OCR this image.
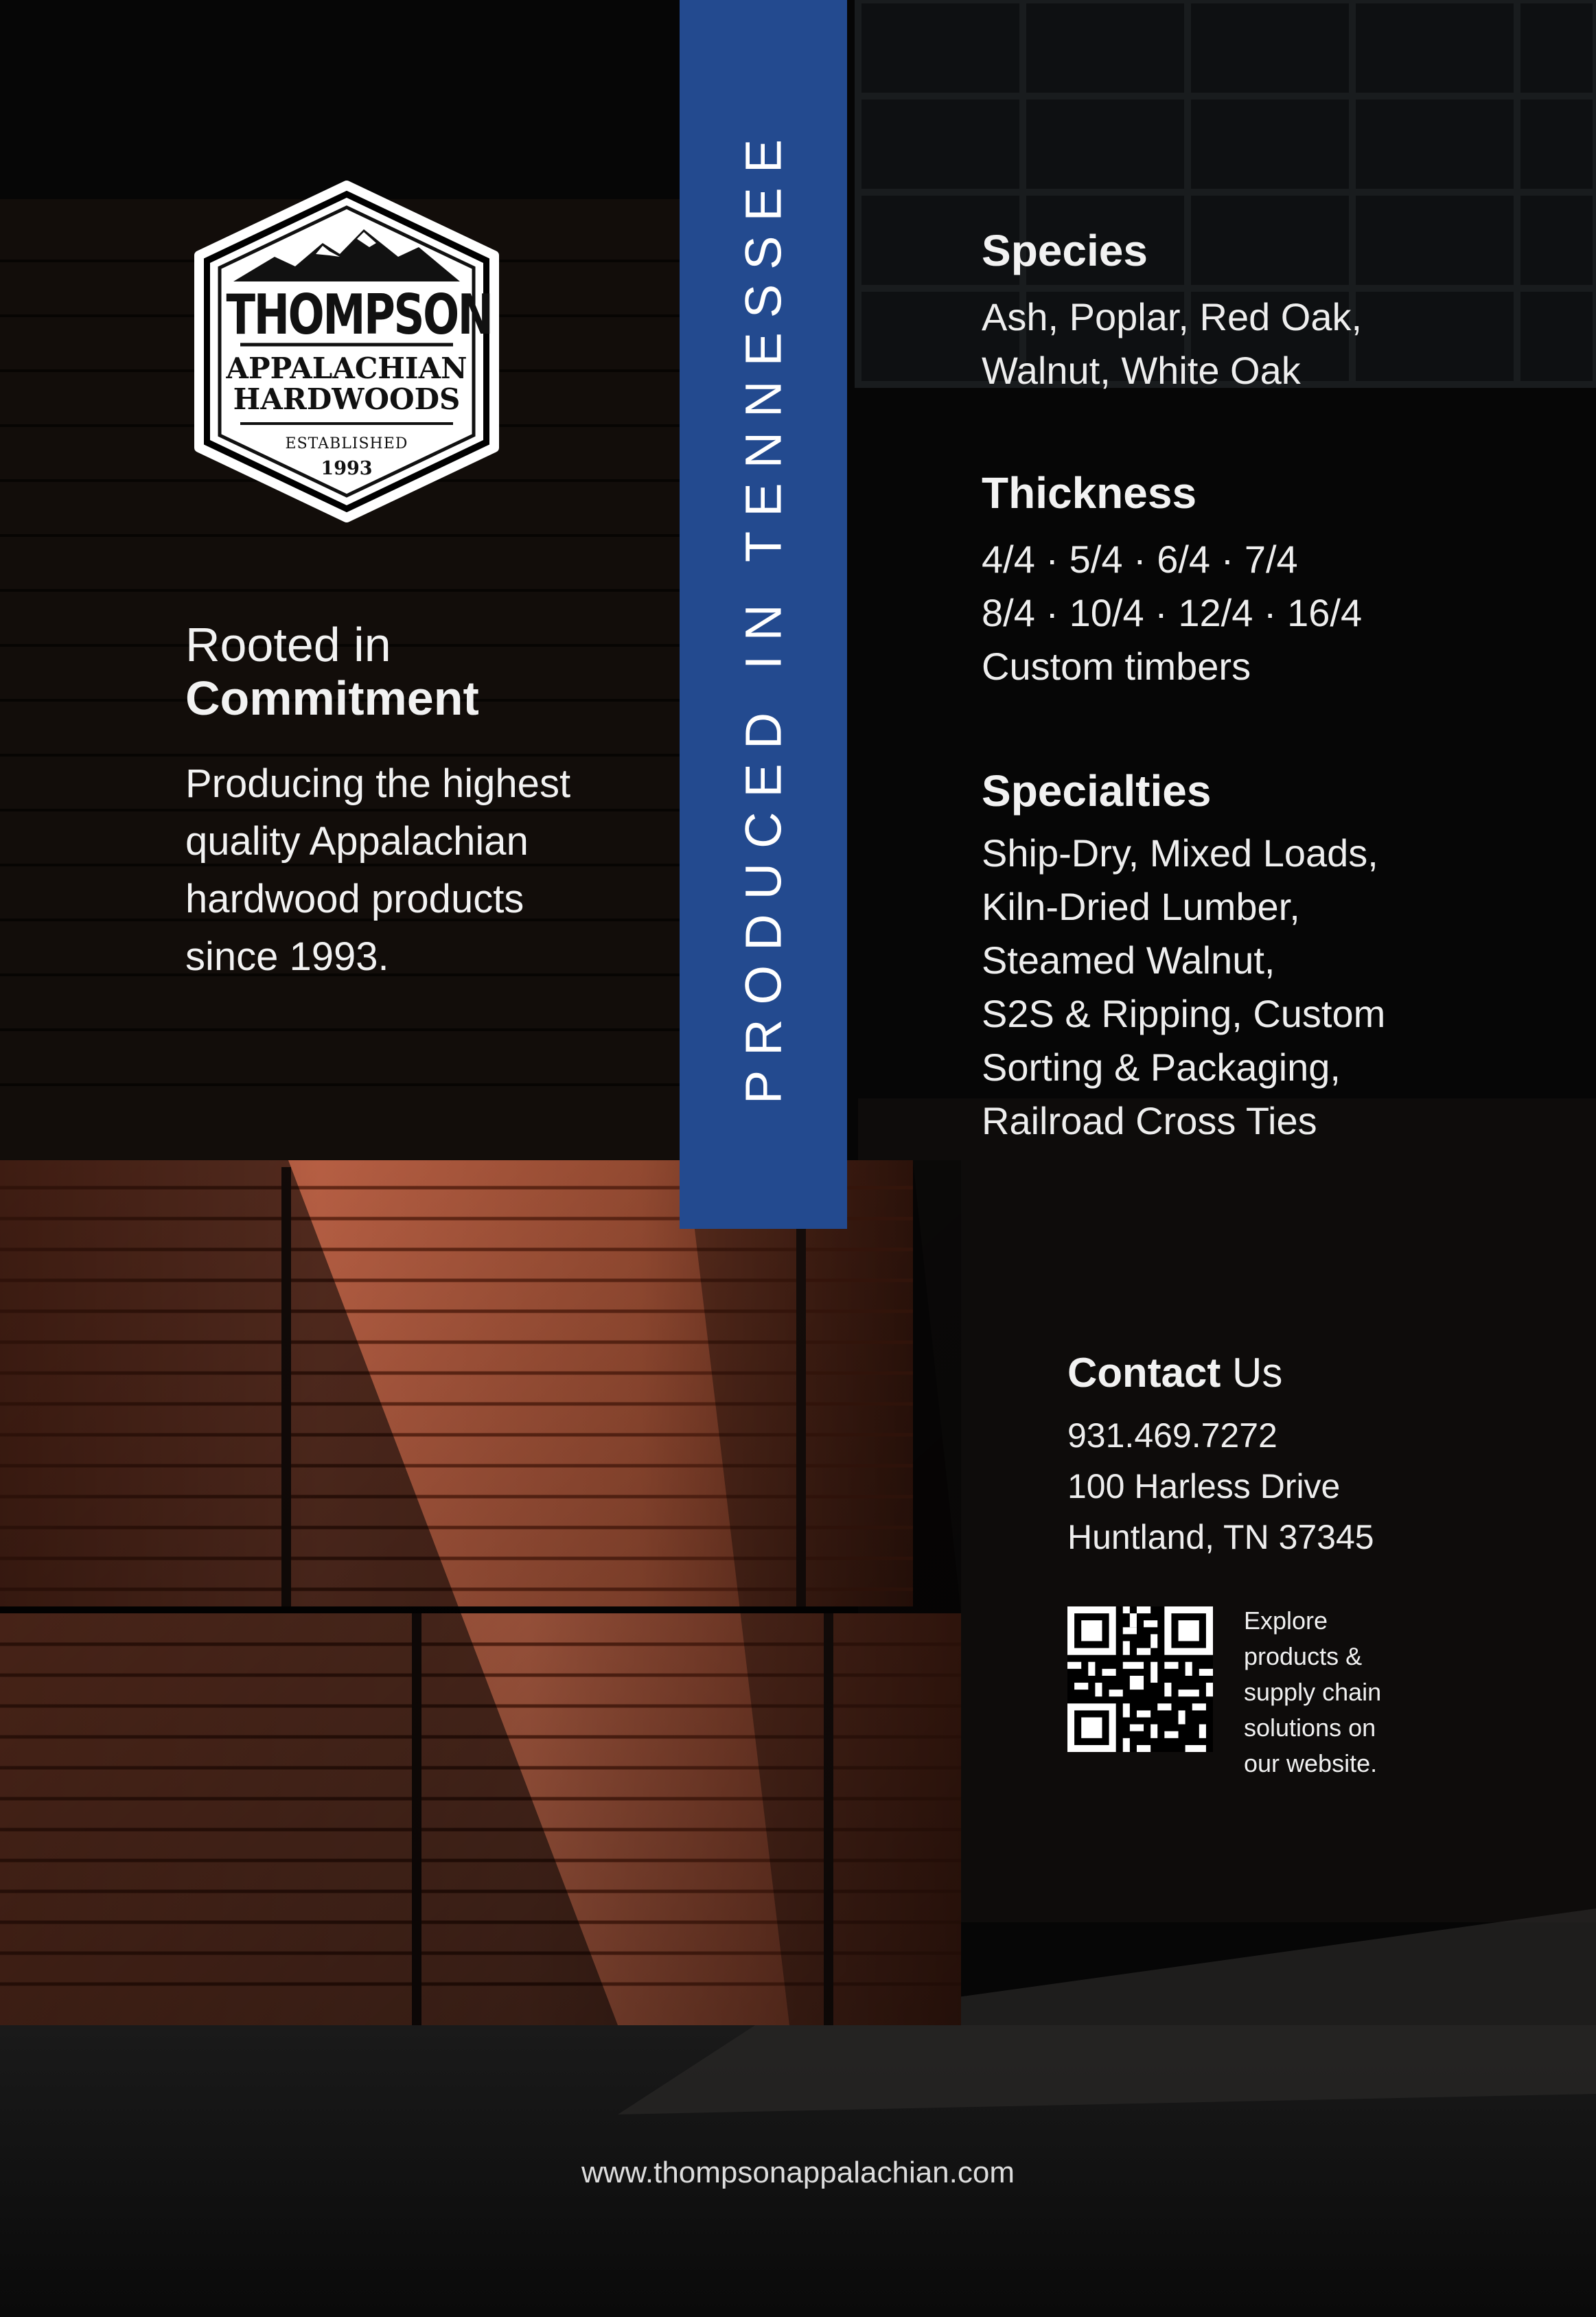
PRODUCED IN TENNESSEE
THOMPSON
APPALACHIAN
HARDWOODS
ESTABLISHED
1993
Rooted in
Commitment
Producing the highest quality Appalachian hardwood products since 1993.
Species
Ash, Poplar, Red Oak,
Walnut, White Oak
Thickness
4/4 · 5/4 · 6/4 · 7/4
8/4 · 10/4 · 12/4 · 16/4
Custom timbers
Specialties
Ship-Dry, Mixed Loads,
Kiln-Dried Lumber,
Steamed Walnut,
S2S & Ripping, Custom
Sorting & Packaging,
Railroad Cross Ties
Contact Us
931.469.7272
100 Harless Drive
Huntland, TN 37345
Explore products & supply chain solutions on our website.
www.thompsonappalachian.com
